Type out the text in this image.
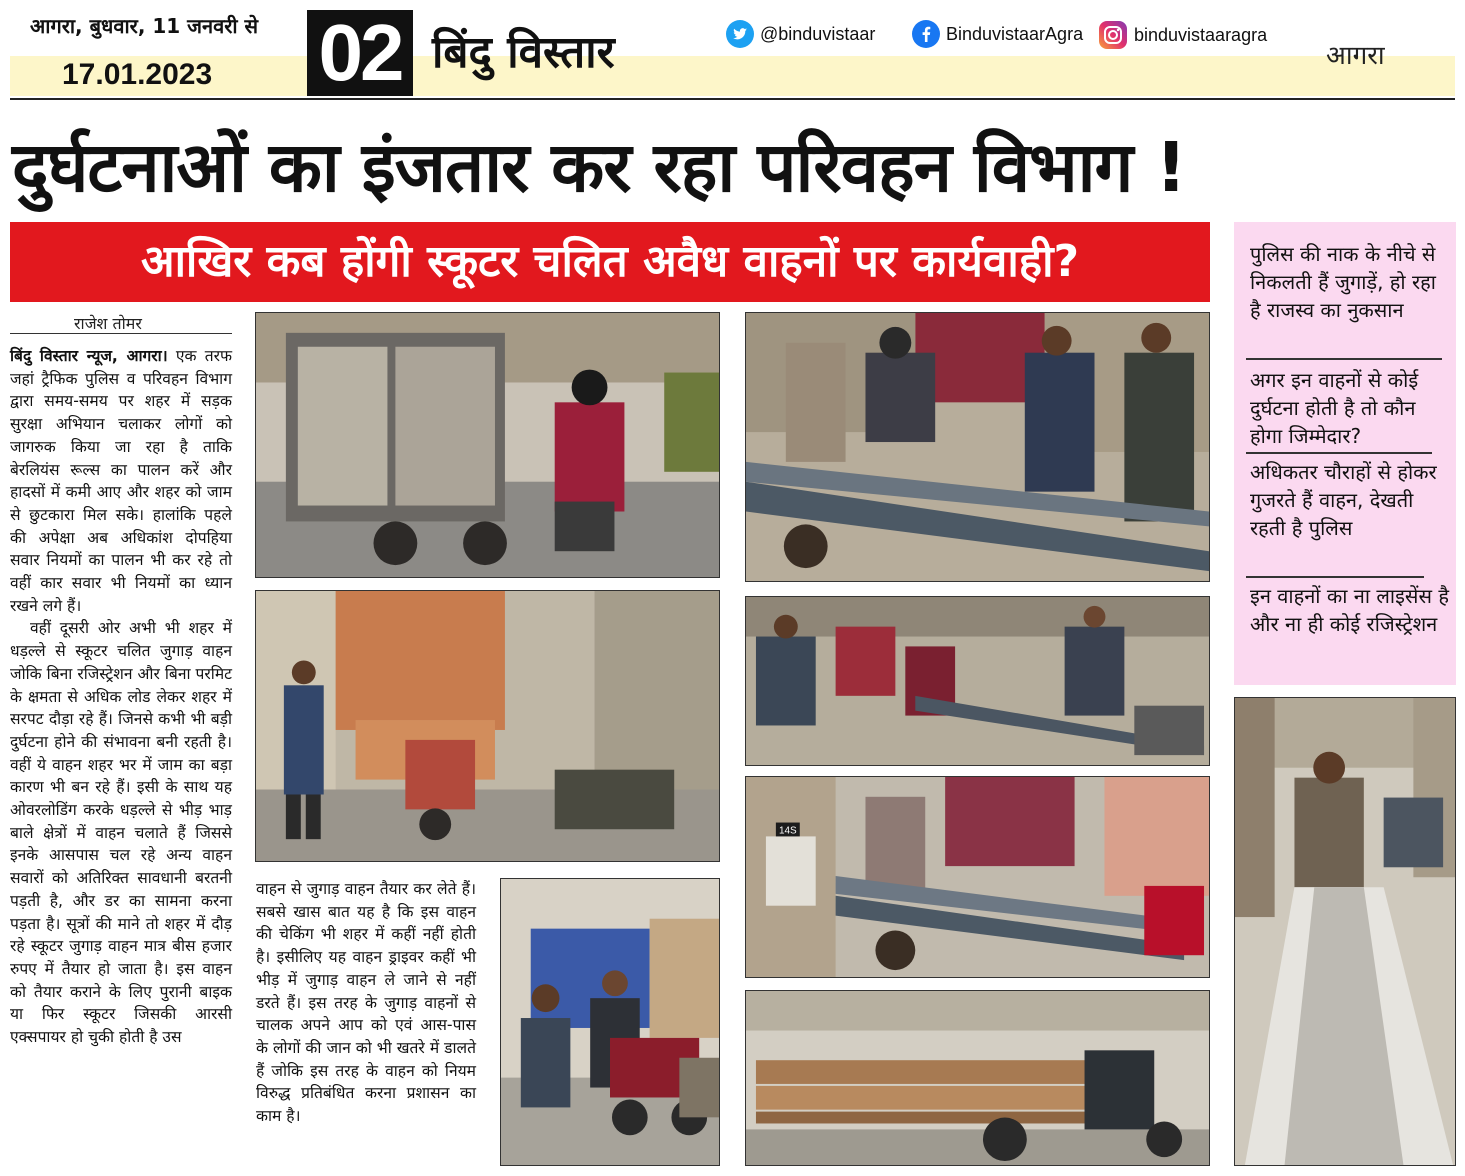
आगरा, बुधवार, 11 जनवरी से
17.01.2023 02 बिंदु विस्तार	@binduvistaar	BinduvistaarAgra	binduvistaaragra
आगरा
दुर्घटनाओं का इंजतार कर रहा परिवहन विभाग !
आखिर कब होंगी स्कूटर चलित अवैध वाहनों पर कार्यवाही?	पुलिस की नाक के नीचे से निकलती हैं जुगाड़ें, हो रहा है राजस्व का नुकसान
अगर इन वाहनों से कोई दुर्घटना होती है तो कौन होगा जिम्मेदार?
अधिकतर चौराहों से होकर गुजरते हैं वाहन, देखती रहती है पुलिस
इन वाहनों का ना लाइसेंस है और ना ही कोई रजिस्ट्रेशन
राजेश तोमर

बिंदु विस्तार न्यूज, आगरा। एक तरफ जहां ट्रैफिक पुलिस व परिवहन विभाग द्वारा समय-समय पर शहर में सड़क सुरक्षा अभियान चलाकर लोगों को जागरुक किया जा रहा है ताकि बेरलियंस रूल्स का पालन करें और हादसों में कमी आए और शहर को जाम से छुटकारा मिल सके। हालांकि पहले की अपेक्षा अब अधिकांश दोपहिया सवार नियमों का पालन भी कर रहे तो वहीं कार सवार भी नियमों का ध्यान रखने लगे हैं।

वहीं दूसरी ओर अभी भी शहर में धड़ल्ले से स्कूटर चलित जुगाड़ वाहन जोकि बिना रजिस्ट्रेशन और बिना परमिट के क्षमता से अधिक लोड लेकर शहर में सरपट दौड़ा रहे हैं। जिनसे कभी भी बड़ी दुर्घटना होने की संभावना बनी रहती है। वहीं ये वाहन शहर भर में जाम का बड़ा कारण भी बन रहे हैं। इसी के साथ यह ओवरलोडिंग करके धड़ल्ले से भीड़ भाड़ बाले क्षेत्रों में वाहन चलाते हैं जिससे इनके आसपास चल रहे अन्य वाहन सवारों को अतिरिक्त सावधानी बरतनी पड़ती है, और डर का सामना करना पड़ता है। सूत्रों की माने तो शहर में दौड़ रहे स्कूटर जुगाड़ वाहन मात्र बीस हजार रुपए में तैयार हो जाता है। इस वाहन को तैयार कराने के लिए पुरानी बाइक या फिर स्कूटर जिसकी आरसी एक्सपायर हो चुकी होती है उस

वाहन से जुगाड़ वाहन तैयार कर लेते हैं। सबसे खास बात यह है कि इस वाहन की चेकिंग भी शहर में कहीं नहीं होती है। इसीलिए यह वाहन ड्राइवर कहीं भी भीड़ में जुगाड़ वाहन ले जाने से नहीं डरते हैं। इस तरह के जुगाड़ वाहनों से चालक अपने आप को एवं आस-पास के लोगों की जान को भी खतरे में डालते हैं जोकि इस तरह के वाहन को नियम विरुद्ध प्रतिबंधित करना प्रशासन का काम है।
14S
